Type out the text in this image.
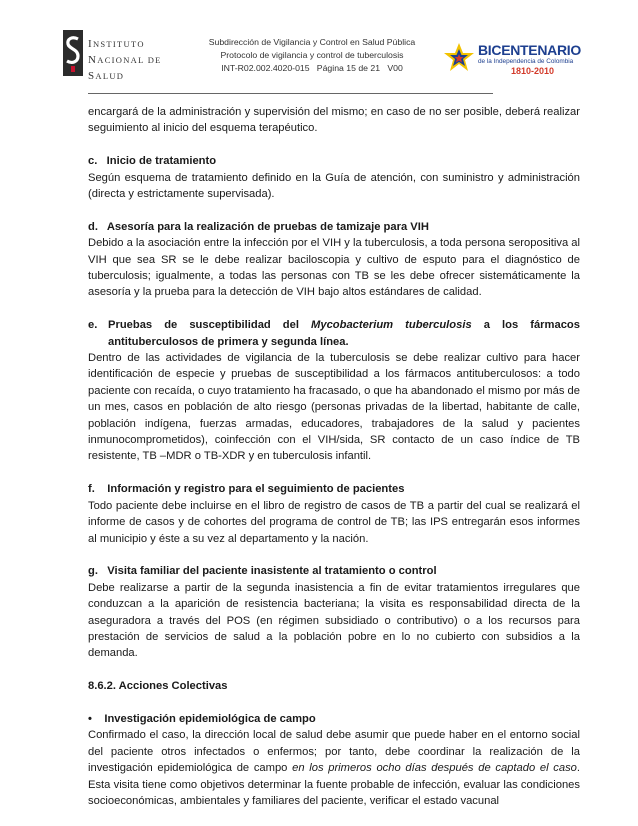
INSTITUTO
NACIONAL DE
SALUD
Subdirección de Vigilancia y Control en Salud Pública
Protocolo de vigilancia y control de tuberculosis
INT-R02.002.4020-015   Página 15 de 21   V00
BICENTENARIO
de la Independencia de Colombia
1810-2010

encargará de la administración y supervisión del mismo; en caso de no ser posible, deberá realizar seguimiento al inicio del esquema terapéutico.

c.   Inicio de tratamiento

Según esquema de tratamiento definido en la Guía de atención, con suministro y administración (directa y estrictamente supervisada).

d.   Asesoría para la realización de pruebas de tamizaje para VIH

Debido a la asociación entre la infección por el VIH y la tuberculosis, a toda persona seropositiva al VIH que sea SR se le debe realizar baciloscopia y cultivo de esputo para el diagnóstico de tuberculosis; igualmente, a todas las personas con TB se les debe ofrecer sistemáticamente la asesoría y la prueba para la detección de VIH bajo altos estándares de calidad.

e. Pruebas de susceptibilidad del Mycobacterium tuberculosis a los fármacos antituberculosos de primera y segunda línea.

Dentro de las actividades de vigilancia de la tuberculosis se debe realizar cultivo para hacer identificación de especie y pruebas de susceptibilidad a los fármacos antituberculosos: a todo paciente con recaída, o cuyo tratamiento ha fracasado, o que ha abandonado el mismo por más de un mes, casos en población de alto riesgo (personas privadas de la libertad, habitante de calle, población indígena, fuerzas armadas, educadores, trabajadores de la salud y pacientes inmunocomprometidos), coinfección con el VIH/sida, SR contacto de un caso índice de TB resistente, TB –MDR o TB-XDR y en tuberculosis infantil.

f.    Información y registro para el seguimiento de pacientes

Todo paciente debe incluirse en el libro de registro de casos de TB a partir del cual se realizará el informe de casos y de cohortes del programa de control de TB; las IPS entregarán esos informes al municipio y éste a su vez al departamento y la nación.

g.   Visita familiar del paciente inasistente al tratamiento o control

Debe realizarse a partir de la segunda inasistencia a fin de evitar tratamientos irregulares que conduzcan a la aparición de resistencia bacteriana; la visita es responsabilidad directa de la aseguradora a través del POS (en régimen subsidiado o contributivo) o a los recursos para prestación de servicios de salud a la población pobre en lo no cubierto con subsidios a la demanda.

8.6.2. Acciones Colectivas

•    Investigación epidemiológica de campo

Confirmado el caso, la dirección local de salud debe asumir que puede haber en el entorno social del paciente otros infectados o enfermos; por tanto, debe coordinar la realización de la investigación epidemiológica de campo en los primeros ocho días después de captado el caso. Esta visita tiene como objetivos determinar la fuente probable de infección, evaluar las condiciones socioeconómicas, ambientales y familiares del paciente, verificar el estado vacunal
